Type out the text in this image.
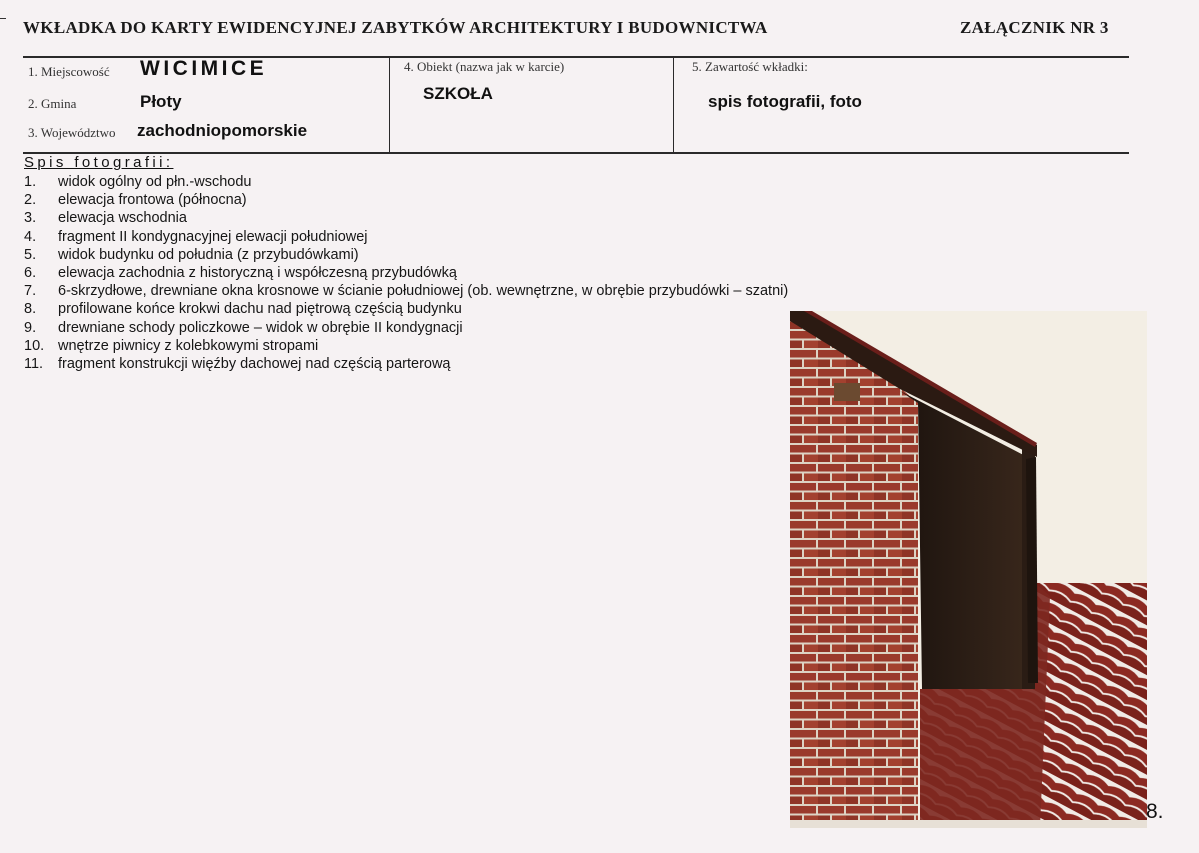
WKŁADKA DO KARTY EWIDENCYJNEJ ZABYTKÓW ARCHITEKTURY I BUDOWNICTWA	ZAŁĄCZNIK NR 3
1. Miejscowość WICIMICE
2. Gmina	Płoty
3. Województwo zachodniopomorskie
4. Obiekt (nazwa jak w karcie)
SZKOŁA
5. Zawartość wkładki:
spis fotografii, foto
Spis fotografii:
1. widok ogólny od płn.-wschodu
2. elewacja frontowa (północna)
3. elewacja wschodnia
4. fragment II kondygnacyjnej elewacji południowej
5. widok budynku od południa (z przybudówkami)
6. elewacja zachodnia z historyczną i współczesną przybudówką
7. 6-skrzydłowe, drewniane okna krosnowe w ścianie południowej (ob. wewnętrzne, w obrębie przybudówki – szatni)
8. profilowane końce krokwi dachu nad piętrową częścią budynku
9. drewniane schody policzkowe – widok w obrębie II kondygnacji
10. wnętrze piwnicy z kolebkowymi stropami
11. fragment konstrukcji więźby dachowej nad częścią parterową
8.
